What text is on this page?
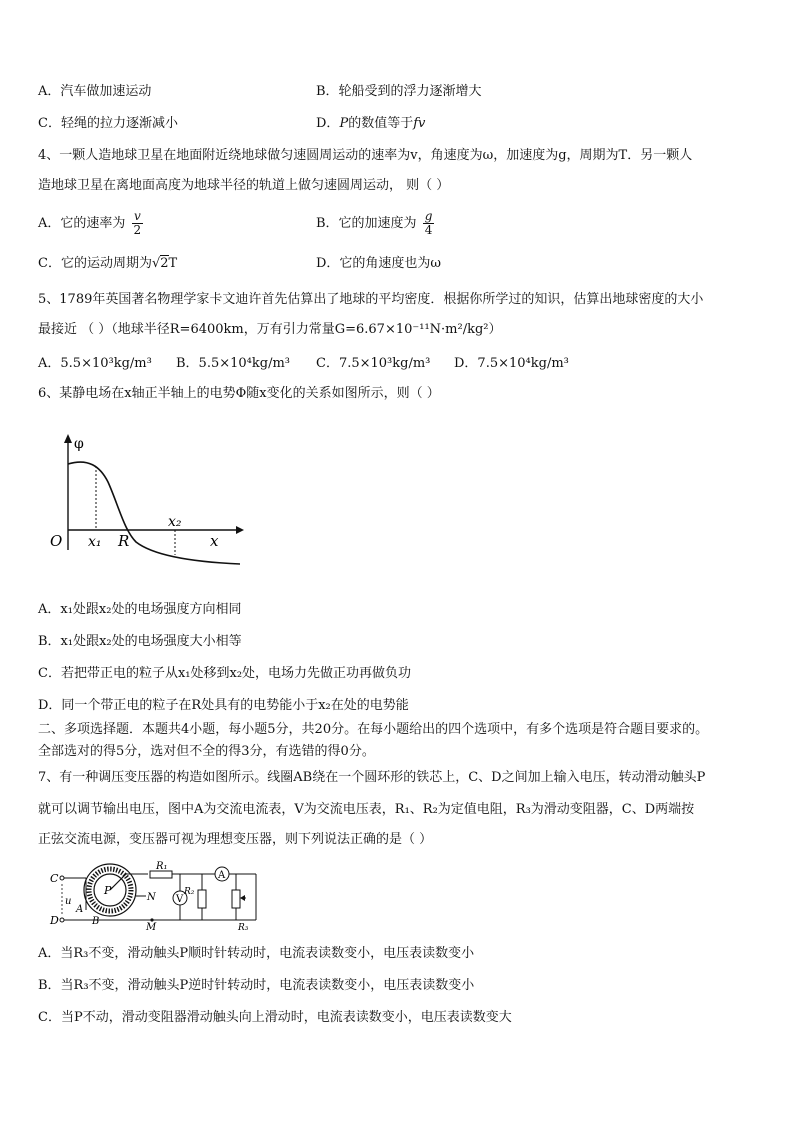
A．汽车做加速运动	B．轮船受到的浮力逐渐增大
C．轻绳的拉力逐渐减小	D．P的数值等于fv
4、一颗人造地球卫星在地面附近绕地球做匀速圆周运动的速率为v，角速度为ω，加速度为g，周期为T．另一颗人
造地球卫星在离地面高度为地球半径的轨道上做匀速圆周运动， 则（ ）
A．它的速率为 $\frac{v}{2}$	B．它的加速度为 $\frac{g}{4}$
C．它的运动周期为√2T	D．它的角速度也为ω
5、1789年英国著名物理学家卡文迪许首先估算出了地球的平均密度．根据你所学过的知识，估算出地球密度的大小
最接近 （ ）（地球半径R=6400km，万有引力常量G=6.67×10⁻¹¹N·m²/kg²）
A．5.5×10³kg/m³ B．5.5×10⁴kg/m³ C．7.5×10³kg/m³ D．7.5×10⁴kg/m³
6、某静电场在x轴正半轴上的电势Φ随x变化的关系如图所示，则（ ）
φ
O x₁ R
x₂
x
A．x₁处跟x₂处的电场强度方向相同
B．x₁处跟x₂处的电场强度大小相等
C．若把带正电的粒子从x₁处移到x₂处，电场力先做正功再做负功
D．同一个带正电的粒子在R处具有的电势能小于x₂在处的电势能
二、多项选择题．本题共4小题，每小题5分，共20分。在每小题给出的四个选项中，有多个选项是符合题目要求的。
全部选对的得5分，选对但不全的得3分，有选错的得0分。
7、有一种调压变压器的构造如图所示。线圈AB绕在一个圆环形的铁芯上，C、D之间加上输入电压，转动滑动触头P
就可以调节输出电压，图中A为交流电流表，V为交流电压表，R₁、R₂为定值电阻，R₃为滑动变阻器，C、D两端按
正弦交流电源，变压器可视为理想变压器，则下列说法正确的是（ ）
C
D
u
P
A
B
N
M
R₁
V
R₂
A
R₃
A．当R₃不变，滑动触头P顺时针转动时，电流表读数变小，电压表读数变小
B．当R₃不变，滑动触头P逆时针转动时，电流表读数变小，电压表读数变小
C．当P不动，滑动变阻器滑动触头向上滑动时，电流表读数变小，电压表读数变大
